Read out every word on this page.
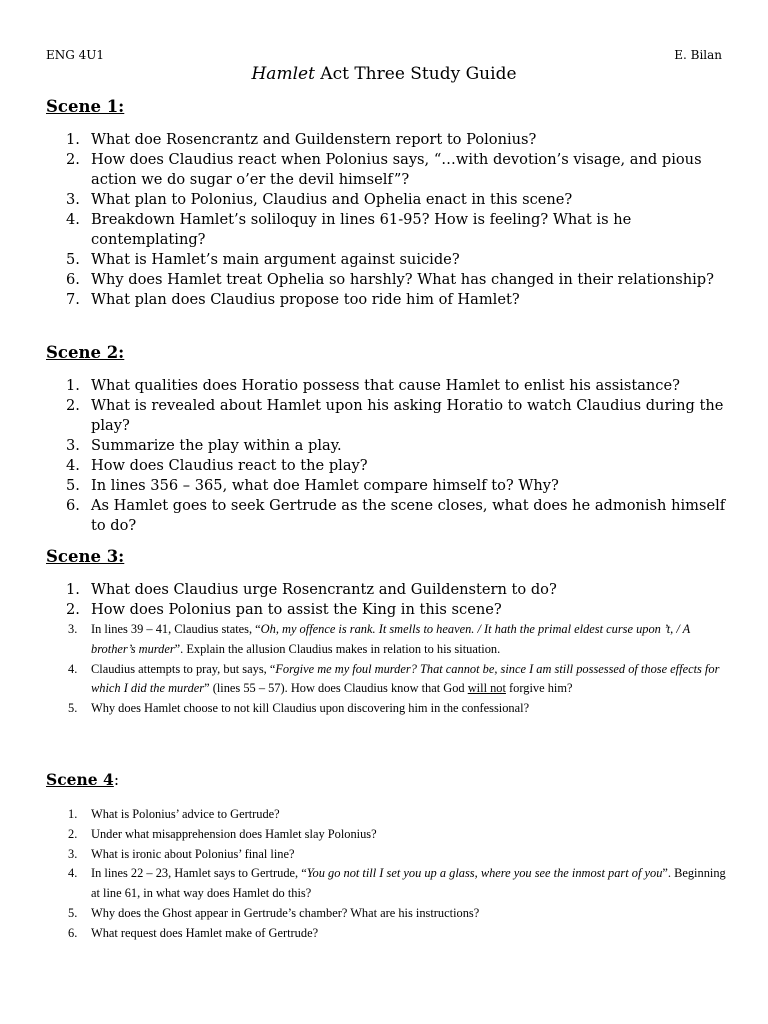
ENG 4U1	E. Bilan
Hamlet Act Three Study Guide
Scene 1:
1. What doe Rosencrantz and Guildenstern report to Polonius?
2. How does Claudius react when Polonius says, “…with devotion’s visage, and pious action we do sugar o’er the devil himself”?
3. What plan to Polonius, Claudius and Ophelia enact in this scene?
4. Breakdown Hamlet’s soliloquy in lines 61-95? How is feeling? What is he contemplating?
5. What is Hamlet’s main argument against suicide?
6. Why does Hamlet treat Ophelia so harshly? What has changed in their relationship?
7. What plan does Claudius propose too ride him of Hamlet?
Scene 2:
1. What qualities does Horatio possess that cause Hamlet to enlist his assistance?
2. What is revealed about Hamlet upon his asking Horatio to watch Claudius during the play?
3. Summarize the play within a play.
4. How does Claudius react to the play?
5. In lines 356 – 365, what doe Hamlet compare himself to? Why?
6. As Hamlet goes to seek Gertrude as the scene closes, what does he admonish himself to do?
Scene 3:
1. What does Claudius urge Rosencrantz and Guildenstern to do?
2. How does Polonius pan to assist the King in this scene?
3. In lines 39 – 41, Claudius states, “Oh, my offence is rank. It smells to heaven. / It hath the primal eldest curse upon ’t, / A brother’s murder”. Explain the allusion Claudius makes in relation to his situation.
4. Claudius attempts to pray, but says, “Forgive me my foul murder? That cannot be, since I am still possessed of those effects for which I did the murder” (lines 55 – 57). How does Claudius know that God will not forgive him?
5. Why does Hamlet choose to not kill Claudius upon discovering him in the confessional?
Scene 4:
1. What is Polonius’ advice to Gertrude?
2. Under what misapprehension does Hamlet slay Polonius?
3. What is ironic about Polonius’ final line?
4. In lines 22 – 23, Hamlet says to Gertrude, “You go not till I set you up a glass, where you see the inmost part of you”. Beginning at line 61, in what way does Hamlet do this?
5. Why does the Ghost appear in Gertrude’s chamber? What are his instructions?
6. What request does Hamlet make of Gertrude?
